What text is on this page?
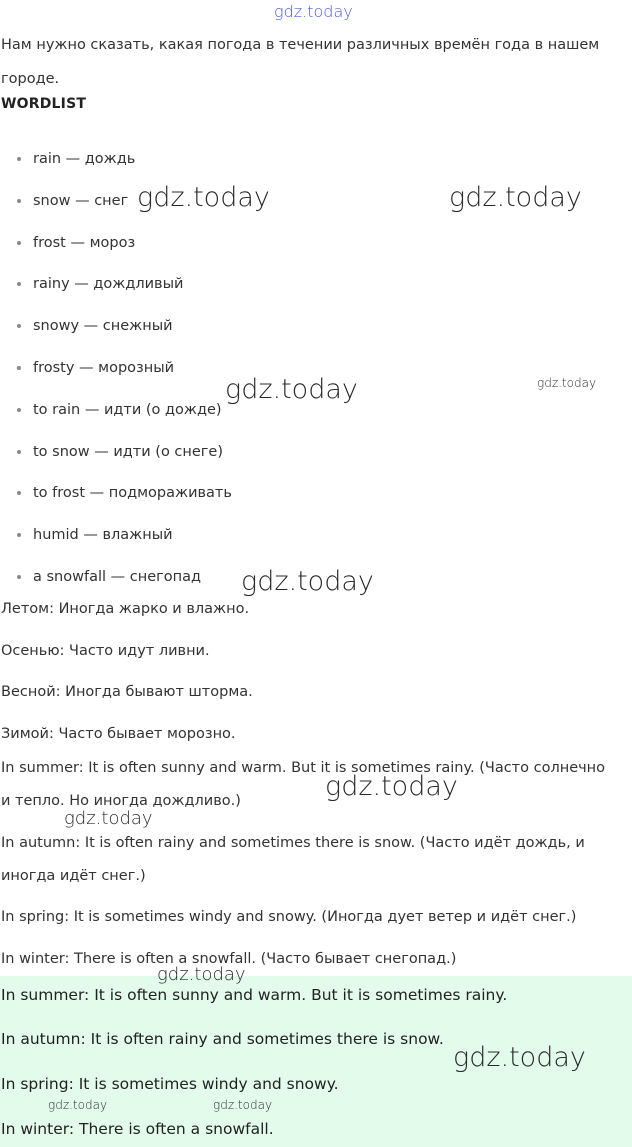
gdz.today

Нам нужно сказать, какая погода в течении различных времён года в нашем городе.

WORDLIST
rain — дождь
snow — снег
frost — мороз
rainy — дождливый
snowy — снежный
frosty — морозный
to rain — идти (о дожде)
to snow — идти (о снеге)
to frost — подмораживать
humid — влажный
a snowfall — снегопад

Летом: Иногда жарко и влажно.

Осенью: Часто идут ливни.

Весной: Иногда бывают шторма.

Зимой: Часто бывает морозно.

In summer: It is often sunny and warm. But it is sometimes rainy. (Часто солнечно

и тепло. Но иногда дождливо.)

In autumn: It is often rainy and sometimes there is snow. (Часто идёт дождь, и

иногда идёт снег.)

In spring: It is sometimes windy and snowy. (Иногда дует ветер и идёт снег.)

In winter: There is often a snowfall. (Часто бывает снегопад.)

In summer: It is often sunny and warm. But it is sometimes rainy.

In autumn: It is often rainy and sometimes there is snow.

In spring: It is sometimes windy and snowy.

In winter: There is often a snowfall.

gdz.today	gdz.today
gdz.today
gdz.today
gdz.today
gdz.today
gdz.today
gdz.today
gdz.today
gdz.today	gdz.today
